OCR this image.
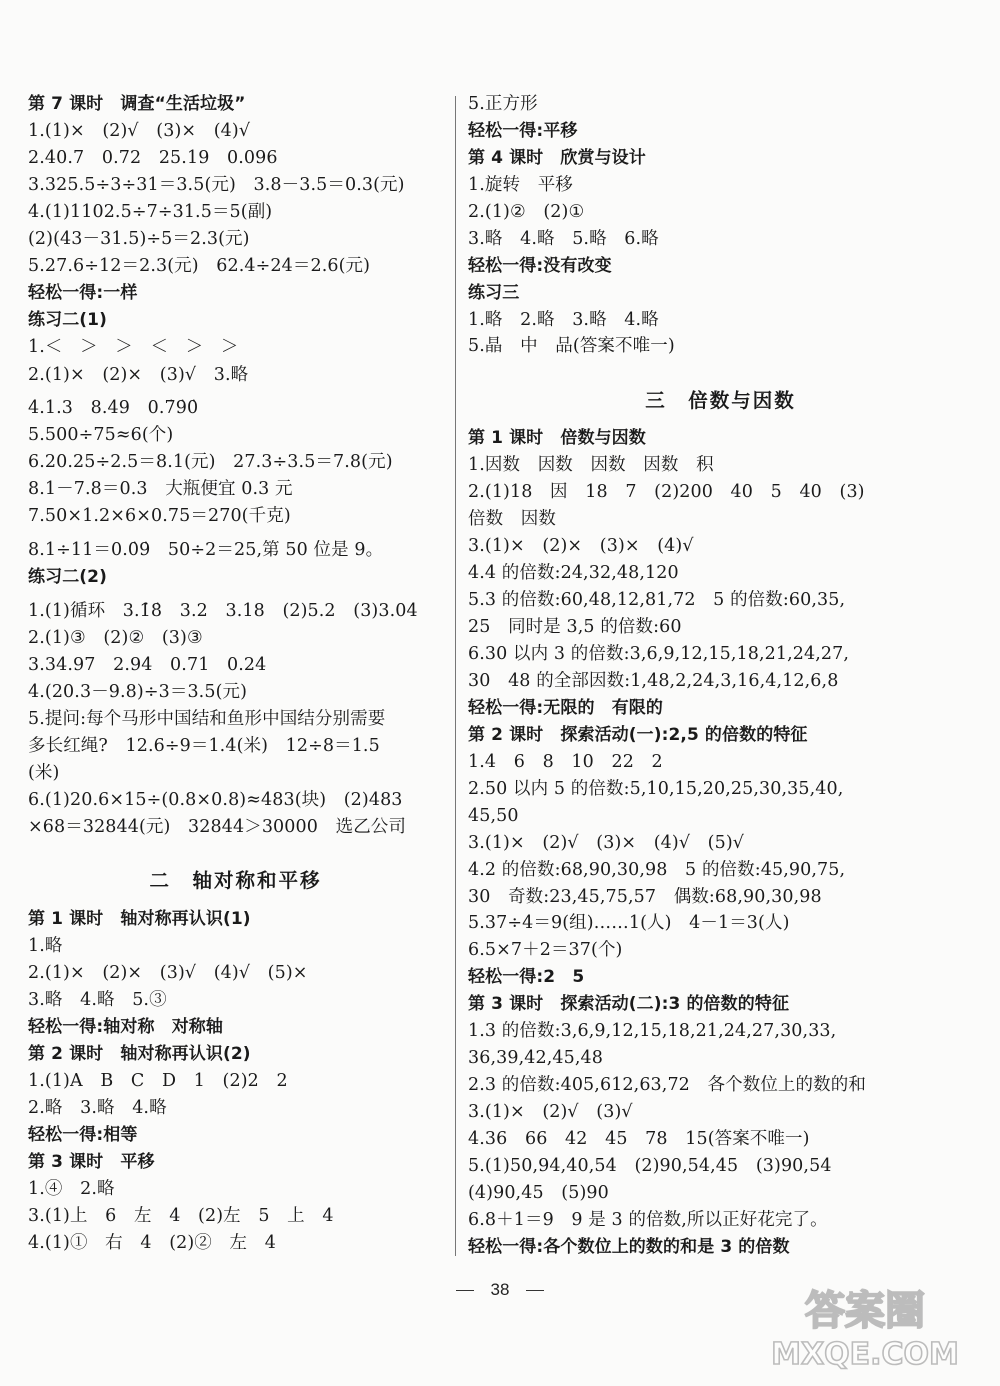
第 7 课时　调查“生活垃圾”
1.(1)×　(2)√　(3)×　(4)√
2.40.7　0.72　25.19　0.096
3.325.5÷3÷31＝3.5(元)　3.8－3.5＝0.3(元)
4.(1)1102.5÷7÷31.5＝5(副)
(2)(43－31.5)÷5＝2.3(元)
5.27.6÷12＝2.3(元)　62.4÷24＝2.6(元)
轻松一得:一样
练习二(1)
1.＜　＞　＞　＜　＞　＞
2.(1)×　(2)×　(3)√　3.略
4.1.3　8.49　0.7̇9̇0̇
5.500÷75≈6(个)
6.20.25÷2.5＝8.1(元)　27.3÷3.5＝7.8(元)
8.1－7.8＝0.3　大瓶便宜 0.3 元
7.50×1.2×6×0.75＝270(千克)
8.1÷11＝0.0̇9̇　50÷2＝25,第 50 位是 9。
练习二(2)
1.(1)循环　3.1̇8̇　3.2　3.18　(2)5.2　(3)3.04
2.(1)③　(2)②　(3)③
3.34.97　2.94　0.71　0.24
4.(20.3－9.8)÷3＝3.5(元)
5.提问:每个马形中国结和鱼形中国结分别需要
多长红绳?　12.6÷9＝1.4(米)　12÷8＝1.5
(米)
6.(1)20.6×15÷(0.8×0.8)≈483(块)　(2)483
×68＝32844(元)　32844＞30000　选乙公司
二　轴对称和平移
第 1 课时　轴对称再认识(1)
1.略
2.(1)×　(2)×　(3)√　(4)√　(5)×
3.略　4.略　5.③
轻松一得:轴对称　对称轴
第 2 课时　轴对称再认识(2)
1.(1)A　B　C　D　1　(2)2　2
2.略　3.略　4.略
轻松一得:相等
第 3 课时　平移
1.④　2.略
3.(1)上　6　左　4　(2)左　5　上　4
4.(1)①　右　4　(2)②　左　4
5.正方形
轻松一得:平移
第 4 课时　欣赏与设计
1.旋转　平移
2.(1)②　(2)①
3.略　4.略　5.略　6.略
轻松一得:没有改变
练习三
1.略　2.略　3.略　4.略
5.晶　中　品(答案不唯一)
三　倍数与因数
第 1 课时　倍数与因数
1.因数　因数　因数　因数　积
2.(1)18　因　18　7　(2)200　40　5　40　(3)
倍数　因数
3.(1)×　(2)×　(3)×　(4)√
4.4 的倍数:24,32,48,120
5.3 的倍数:60,48,12,81,72　5 的倍数:60,35,
25　同时是 3,5 的倍数:60
6.30 以内 3 的倍数:3,6,9,12,15,18,21,24,27,
30　48 的全部因数:1,48,2,24,3,16,4,12,6,8
轻松一得:无限的　有限的
第 2 课时　探索活动(一):2,5 的倍数的特征
1.4　6　8　10　22　2
2.50 以内 5 的倍数:5,10,15,20,25,30,35,40,
45,50
3.(1)×　(2)√　(3)×　(4)√　(5)√
4.2 的倍数:68,90,30,98　5 的倍数:45,90,75,
30　奇数:23,45,75,57　偶数:68,90,30,98
5.37÷4＝9(组)……1(人)　4－1＝3(人)
6.5×7＋2＝37(个)
轻松一得:2　5
第 3 课时　探索活动(二):3 的倍数的特征
1.3 的倍数:3,6,9,12,15,18,21,24,27,30,33,
36,39,42,45,48
2.3 的倍数:405,612,63,72　各个数位上的数的和
3.(1)×　(2)√　(3)√
4.36　66　42　45　78　15(答案不唯一)
5.(1)50,94,40,54　(2)90,54,45　(3)90,54
(4)90,45　(5)90
6.8＋1＝9　9 是 3 的倍数,所以正好花完了。
轻松一得:各个数位上的数的和是 3 的倍数
38	答案圈
MXQE.COM
